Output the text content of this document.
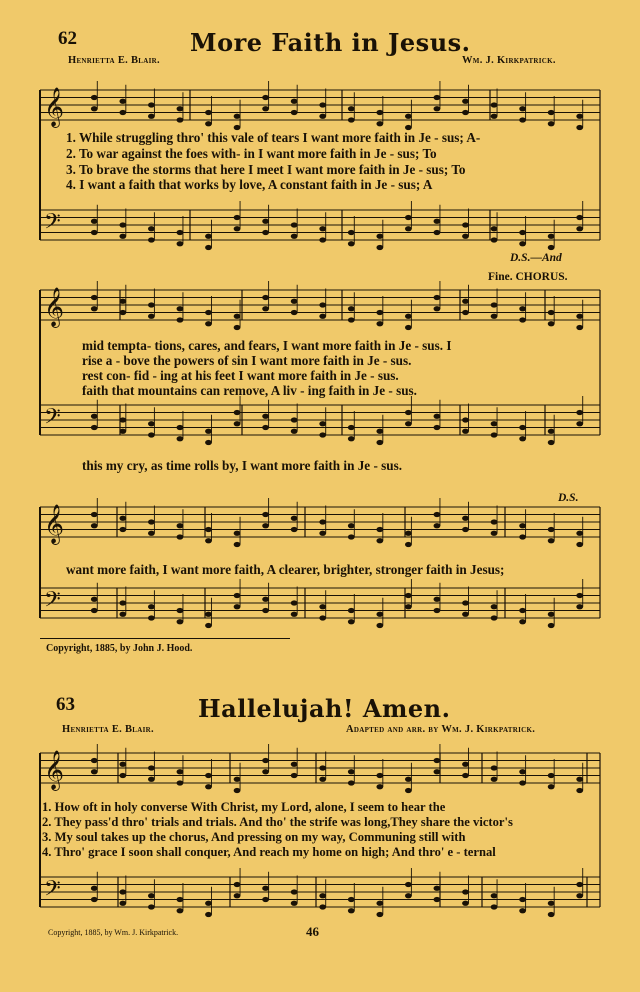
𝄞
𝄢
𝄞
𝄢
𝄞
𝄢
𝄞
𝄢
62	More Faith in Jesus.
Henrietta E. Blair.	Wm. J. Kirkpatrick.
1. While struggling thro' this vale of tears I want more faith in Je - sus; A-
2. To war against the foes with- in I want more faith in Je - sus; To
3. To brave the storms that here I meet I want more faith in Je - sus; To
4. I want a faith that works by love, A constant faith in Je - sus; A
D.S.—And
Fine. CHORUS.
mid tempta- tions, cares, and fears, I want more faith in Je - sus. I
rise a - bove the powers of sin I want more faith in Je - sus.
rest con- fid - ing at his feet I want more faith in Je - sus.
faith that mountains can remove, A liv - ing faith in Je - sus.
this my cry, as time rolls by, I want more faith in Je - sus.
D.S.
want more faith, I want more faith, A clearer, brighter, stronger faith in Jesus;
Copyright, 1885, by John J. Hood.
63	Hallelujah! Amen.
Henrietta E. Blair.	Adapted and arr. by Wm. J. Kirkpatrick.
1. How oft in holy converse With Christ, my Lord, alone, I seem to hear the
2. They pass'd thro' trials and trials. And tho' the strife was long,They share the victor's
3. My soul takes up the chorus, And pressing on my way, Communing still with
4. Thro' grace I soon shall conquer, And reach my home on high; And thro' e - ternal
Copyright, 1885, by Wm. J. Kirkpatrick.	46
